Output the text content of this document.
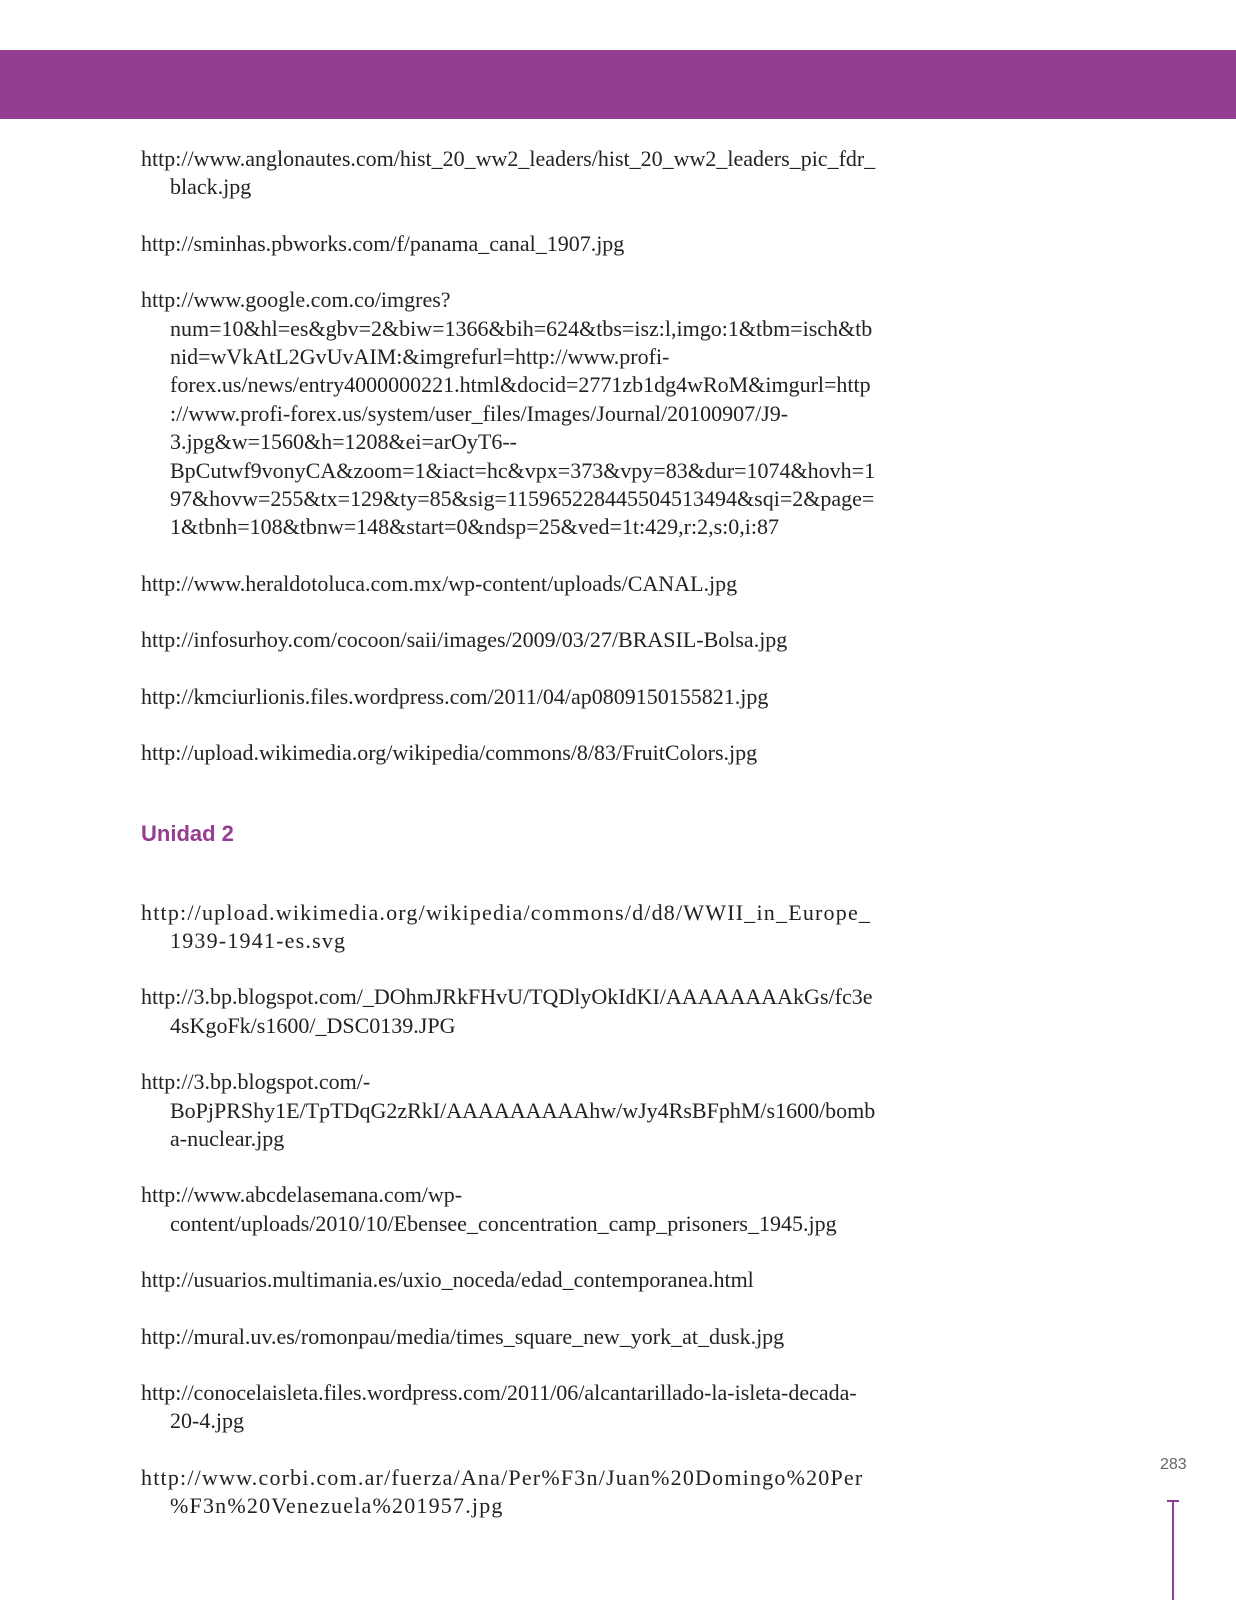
http://www.anglonautes.com/hist_20_ww2_leaders/hist_20_ww2_leaders_pic_fdr_black.jpg

http://sminhas.pbworks.com/f/panama_canal_1907.jpg

http://www.google.com.co/imgres?num=10&hl=es&gbv=2&biw=1366&bih=624&tbs=isz:l,imgo:1&tbm=isch&tbnid=wVkAtL2GvUvAIM:&imgrefurl=http://www.profi-forex.us/news/entry4000000221.html&docid=2771zb1dg4wRoM&imgurl=http://www.profi-forex.us/system/user_files/Images/Journal/20100907/J9-3.jpg&w=1560&h=1208&ei=arOyT6--BpCutwf9vonyCA&zoom=1&iact=hc&vpx=373&vpy=83&dur=1074&hovh=197&hovw=255&tx=129&ty=85&sig=115965228445504513494&sqi=2&page=1&tbnh=108&tbnw=148&start=0&ndsp=25&ved=1t:429,r:2,s:0,i:87

http://www.heraldotoluca.com.mx/wp-content/uploads/CANAL.jpg

http://infosurhoy.com/cocoon/saii/images/2009/03/27/BRASIL-Bolsa.jpg

http://kmciurlionis.files.wordpress.com/2011/04/ap0809150155821.jpg

http://upload.wikimedia.org/wikipedia/commons/8/83/FruitColors.jpg

Unidad 2

http://upload.wikimedia.org/wikipedia/commons/d/d8/WWII_in_Europe_1939-1941-es.svg

http://3.bp.blogspot.com/_DOhmJRkFHvU/TQDlyOkIdKI/AAAAAAAAkGs/fc3e4sKgoFk/s1600/_DSC0139.JPG

http://3.bp.blogspot.com/-BoPjPRShy1E/TpTDqG2zRkI/AAAAAAAAAhw/wJy4RsBFphM/s1600/bomba-nuclear.jpg

http://www.abcdelasemana.com/wp-content/uploads/2010/10/Ebensee_concentration_camp_prisoners_1945.jpg

http://usuarios.multimania.es/uxio_noceda/edad_contemporanea.html

http://mural.uv.es/romonpau/media/times_square_new_york_at_dusk.jpg

http://conocelaisleta.files.wordpress.com/2011/06/alcantarillado-la-isleta-decada-20-4.jpg

http://www.corbi.com.ar/fuerza/Ana/Per%F3n/Juan%20Domingo%20Per%F3n%20Venezuela%201957.jpg

283
